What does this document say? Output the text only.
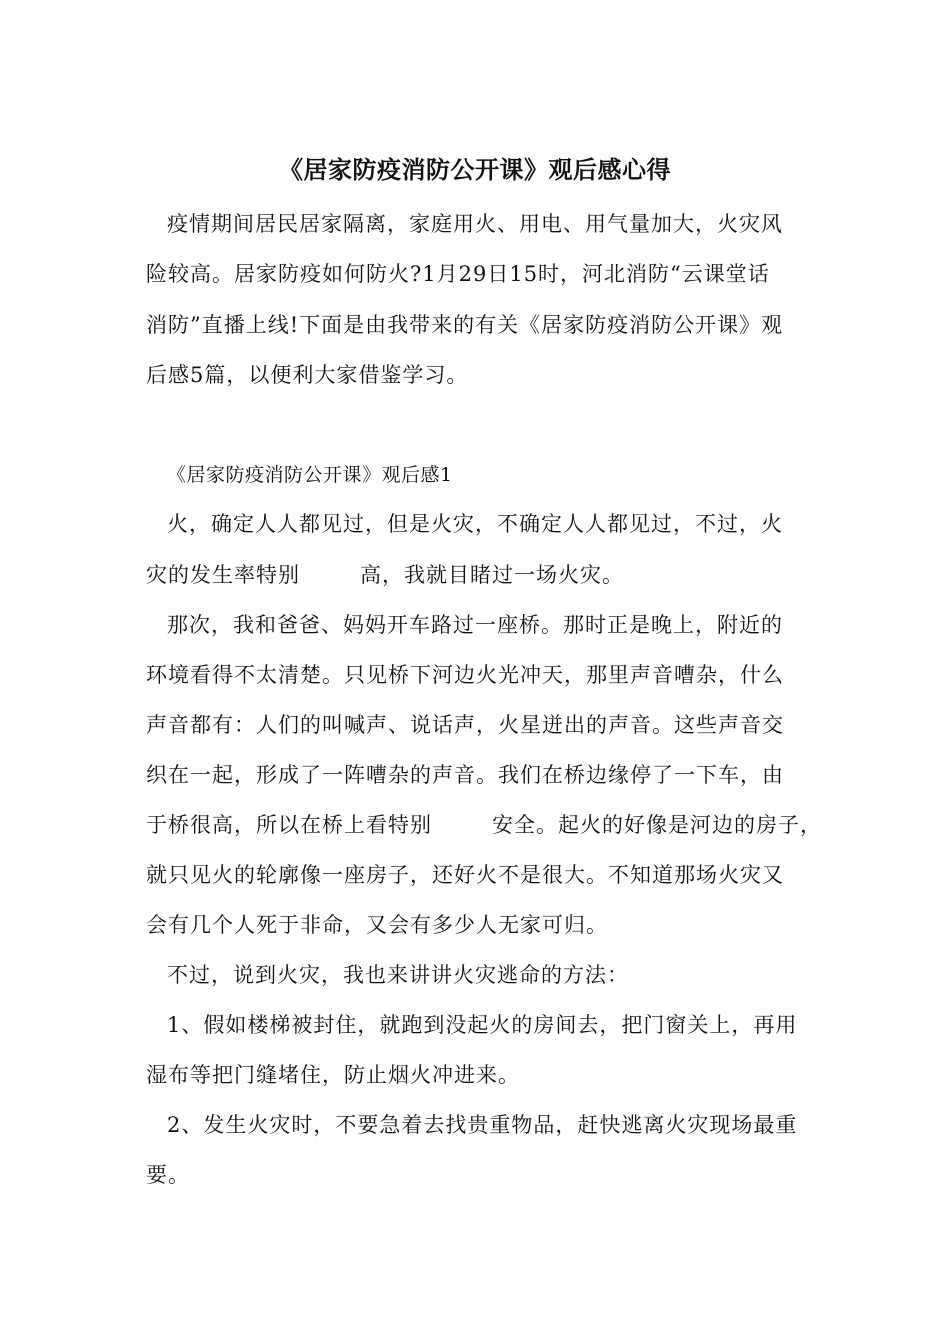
《居家防疫消防公开课》观后感心得
疫情期间居民居家隔离，家庭用火、用电、用气量加大，火灾风
险较高。居家防疫如何防火?1月29日15时，河北消防“云课堂话
消防”直播上线!下面是由我带来的有关《居家防疫消防公开课》观
后感5篇，以便利大家借鉴学习。
《居家防疫消防公开课》观后感1
火，确定人人都见过，但是火灾，不确定人人都见过，不过，火
灾的发生率特别	高，我就目睹过一场火灾。
那次，我和爸爸、妈妈开车路过一座桥。那时正是晚上，附近的
环境看得不太清楚。只见桥下河边火光冲天，那里声音嘈杂，什么
声音都有：人们的叫喊声、说话声，火星迸出的声音。这些声音交
织在一起，形成了一阵嘈杂的声音。我们在桥边缘停了一下车，由
于桥很高，所以在桥上看特别	安全。起火的好像是河边的房子，
就只见火的轮廓像一座房子，还好火不是很大。不知道那场火灾又
会有几个人死于非命，又会有多少人无家可归。
不过，说到火灾，我也来讲讲火灾逃命的方法：
1、假如楼梯被封住，就跑到没起火的房间去，把门窗关上，再用
湿布等把门缝堵住，防止烟火冲进来。
2、发生火灾时，不要急着去找贵重物品，赶快逃离火灾现场最重
要。
